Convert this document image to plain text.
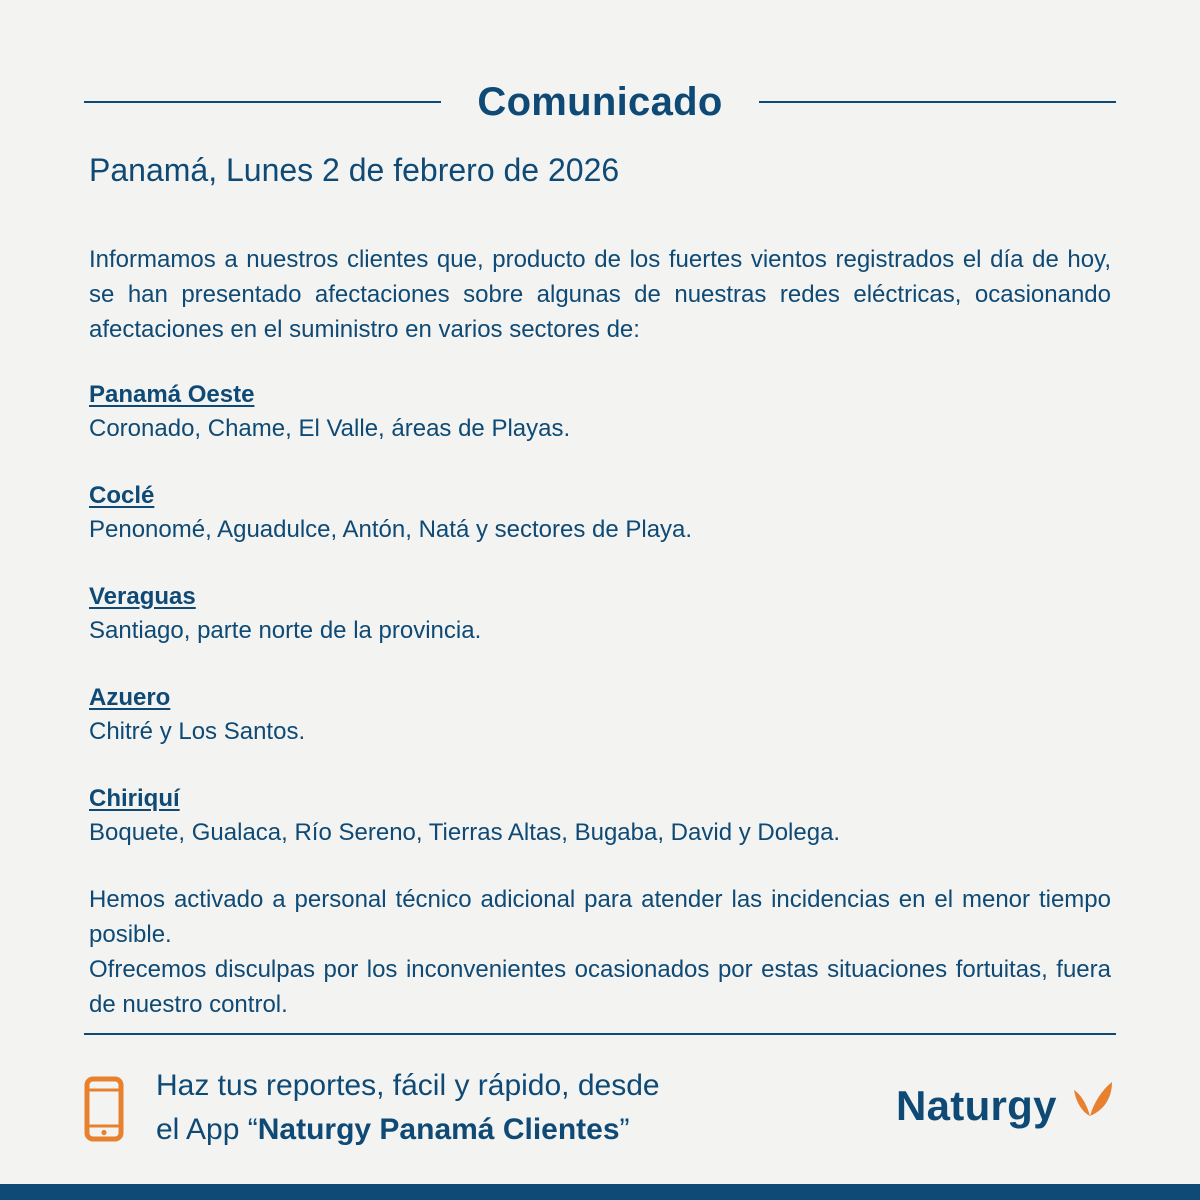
Comunicado
Panamá, Lunes 2 de febrero de 2026
Informamos a nuestros clientes que, producto de los fuertes vientos registrados el día de hoy, se han presentado afectaciones sobre algunas de nuestras redes eléctricas, ocasionando afectaciones en el suministro en varios sectores de:
Panamá Oeste
Coronado, Chame, El Valle, áreas de Playas.
Coclé
Penonomé, Aguadulce, Antón, Natá y sectores de Playa.
Veraguas
Santiago, parte norte de la provincia.
Azuero
Chitré y Los Santos.
Chiriquí
Boquete, Gualaca, Río Sereno, Tierras Altas, Bugaba, David y Dolega.

Hemos activado a personal técnico adicional para atender las incidencias en el menor tiempo posible.

Ofrecemos disculpas por los inconvenientes ocasionados por estas situaciones fortuitas, fuera de nuestro control.

Haz tus reportes, fácil y rápido, desde
el App “Naturgy Panamá Clientes”
Naturgy
